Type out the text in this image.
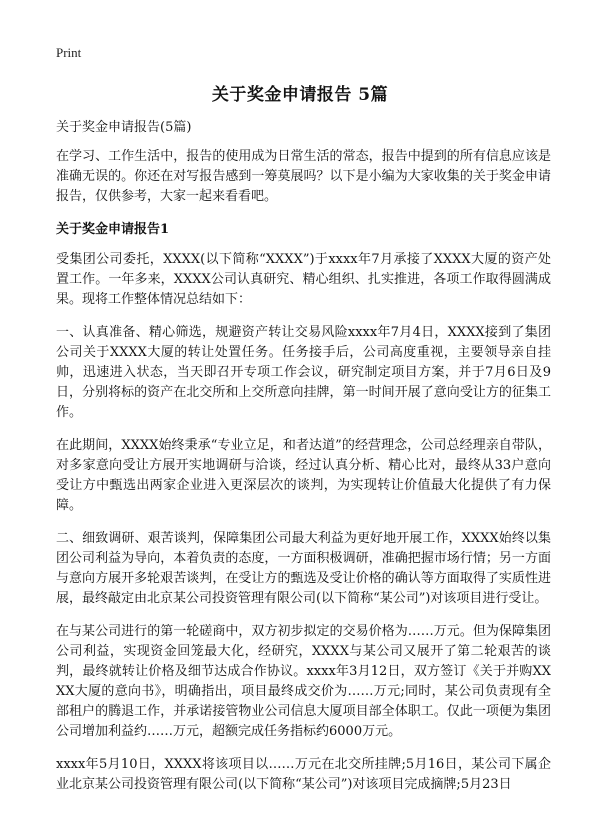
Print
关于奖金申请报告 5篇

关于奖金申请报告(5篇)

在学习、工作生活中，报告的使用成为日常生活的常态，报告中提到的所有信息应该是准确无误的。你还在对写报告感到一筹莫展吗？以下是小编为大家收集的关于奖金申请报告，仅供参考，大家一起来看看吧。

关于奖金申请报告1

受集团公司委托，XXXX(以下简称“XXXX”)于xxxx年7月承接了XXXX大厦的资产处置工作。一年多来，XXXX公司认真研究、精心组织、扎实推进，各项工作取得圆满成果。现将工作整体情况总结如下：

一、认真准备、精心筛选，规避资产转让交易风险xxxx年7月4日，XXXX接到了集团公司关于XXXX大厦的转让处置任务。任务接手后，公司高度重视，主要领导亲自挂帅，迅速进入状态，当天即召开专项工作会议，研究制定项目方案，并于7月6日及9日，分别将标的资产在北交所和上交所意向挂牌，第一时间开展了意向受让方的征集工作。

在此期间，XXXX始终秉承“专业立足，和者达道”的经营理念，公司总经理亲自带队，对多家意向受让方展开实地调研与洽谈，经过认真分析、精心比对，最终从33户意向受让方中甄选出两家企业进入更深层次的谈判，为实现转让价值最大化提供了有力保障。

二、细致调研、艰苦谈判，保障集团公司最大利益为更好地开展工作，XXXX始终以集团公司利益为导向，本着负责的态度，一方面积极调研，准确把握市场行情；另一方面与意向方展开多轮艰苦谈判，在受让方的甄选及受让价格的确认等方面取得了实质性进展，最终敲定由北京某公司投资管理有限公司(以下简称“某公司”)对该项目进行受让。

在与某公司进行的第一轮磋商中，双方初步拟定的交易价格为……万元。但为保障集团公司利益，实现资金回笼最大化，经研究，XXXX与某公司又展开了第二轮艰苦的谈判，最终就转让价格及细节达成合作协议。xxxx年3月12日，双方签订《关于并购XXXX大厦的意向书》，明确指出，项目最终成交价为……万元;同时，某公司负责现有全部租户的腾退工作，并承诺接管物业公司信息大厦项目部全体职工。仅此一项便为集团公司增加利益约……万元，超额完成任务指标约6000万元。

xxxx年5月10日，XXXX将该项目以……万元在北交所挂牌;5月16日，某公司下属企业北京某公司投资管理有限公司(以下简称“某公司”)对该项目完成摘牌;5月23日
